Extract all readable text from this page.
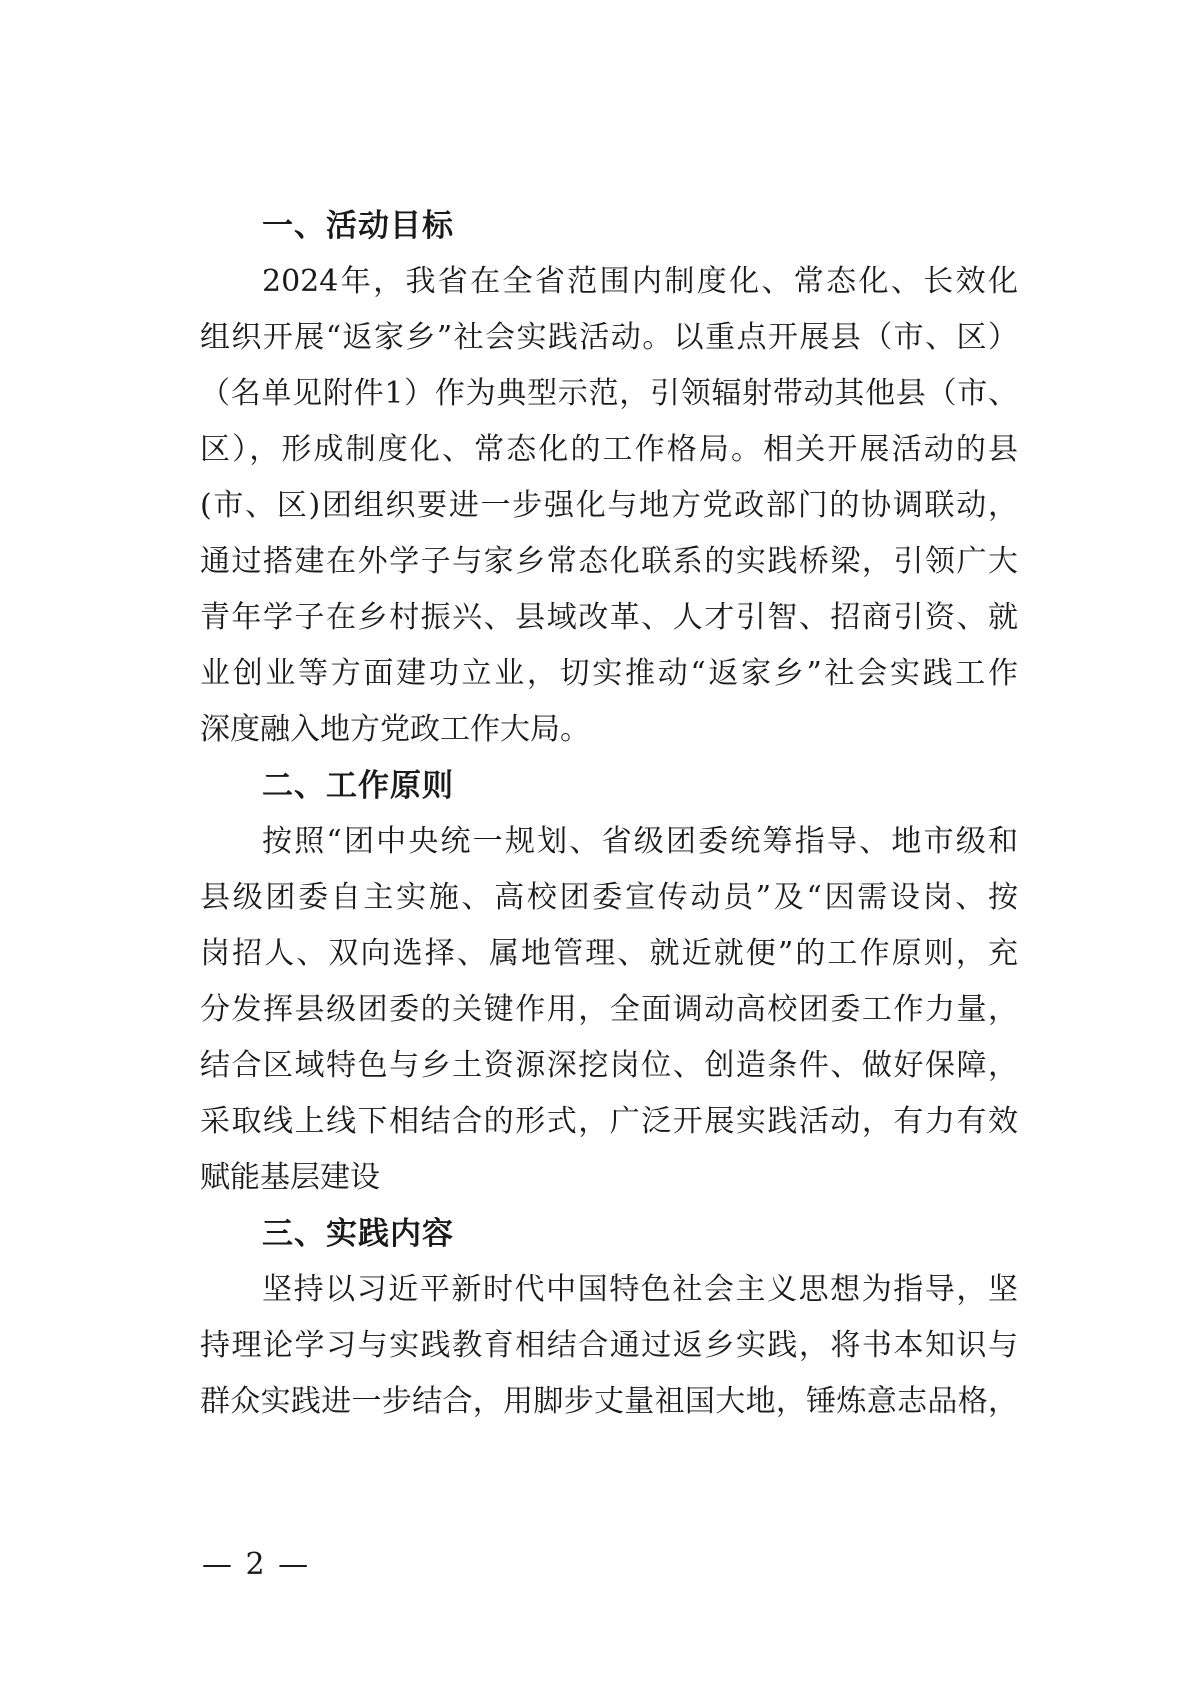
一、活动目标

2024年，我省在全省范围内制度化、常态化、长效化

组织开展“返家乡”社会实践活动。以重点开展县（市、区）

（名单见附件1）作为典型示范，引领辐射带动其他县（市、

区），形成制度化、常态化的工作格局。相关开展活动的县

(市、区)团组织要进一步强化与地方党政部门的协调联动，

通过搭建在外学子与家乡常态化联系的实践桥梁，引领广大

青年学子在乡村振兴、县域改革、人才引智、招商引资、就

业创业等方面建功立业，切实推动“返家乡”社会实践工作

深度融入地方党政工作大局。

二、工作原则

按照“团中央统一规划、省级团委统筹指导、地市级和

县级团委自主实施、高校团委宣传动员”及“因需设岗、按

岗招人、双向选择、属地管理、就近就便”的工作原则，充

分发挥县级团委的关键作用，全面调动高校团委工作力量，

结合区域特色与乡土资源深挖岗位、创造条件、做好保障，

采取线上线下相结合的形式，广泛开展实践活动，有力有效

赋能基层建设

三、实践内容

坚持以习近平新时代中国特色社会主义思想为指导，坚

持理论学习与实践教育相结合通过返乡实践，将书本知识与

群众实践进一步结合，用脚步丈量祖国大地，锤炼意志品格，

— 2 —
